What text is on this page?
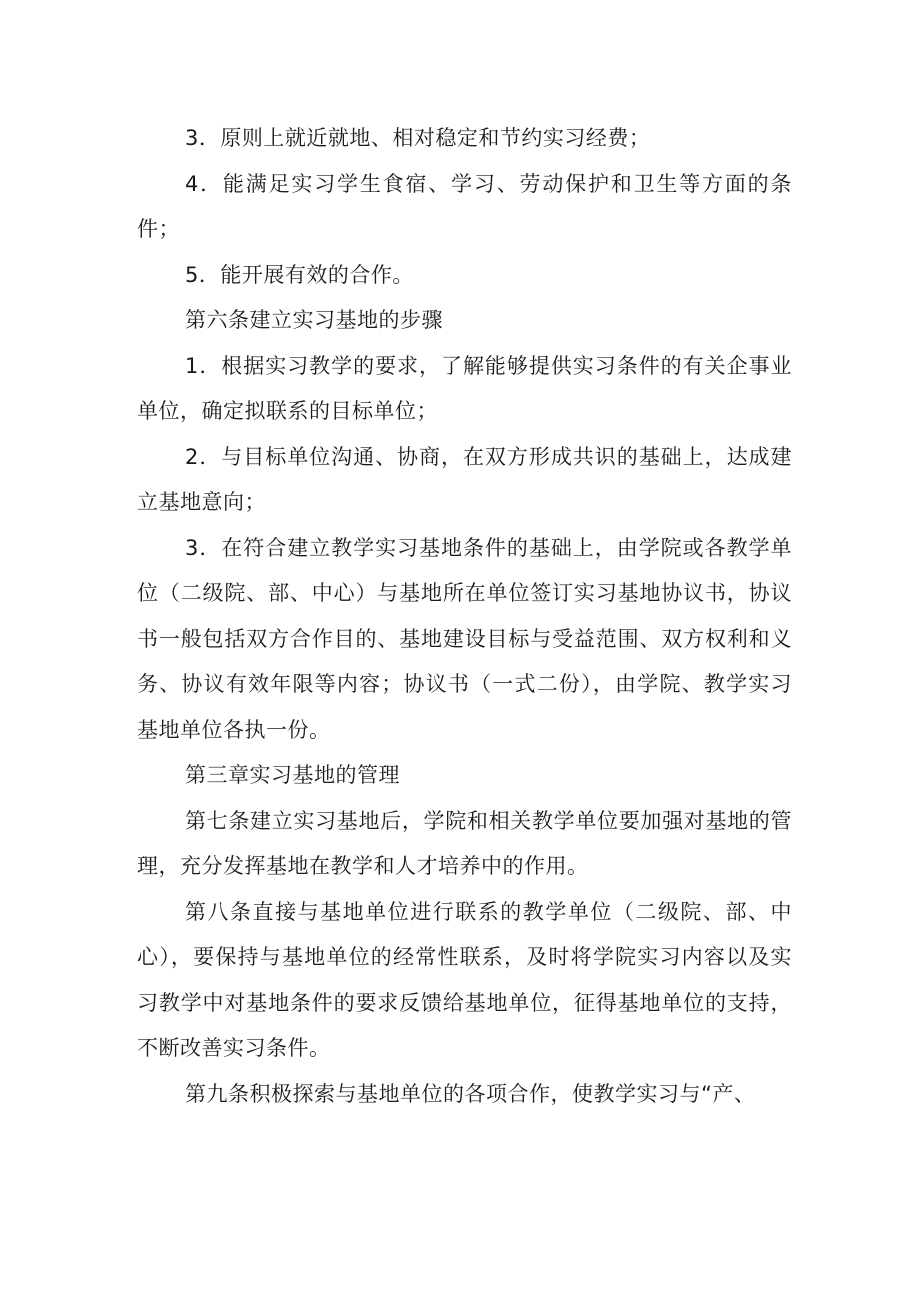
3．原则上就近就地、相对稳定和节约实习经费；

4．能满足实习学生食宿、学习、劳动保护和卫生等方面的条件；

5．能开展有效的合作。

第六条建立实习基地的步骤

1．根据实习教学的要求，了解能够提供实习条件的有关企事业单位，确定拟联系的目标单位；

2．与目标单位沟通、协商，在双方形成共识的基础上，达成建立基地意向；

3．在符合建立教学实习基地条件的基础上，由学院或各教学单位（二级院、部、中心）与基地所在单位签订实习基地协议书，协议书一般包括双方合作目的、基地建设目标与受益范围、双方权利和义务、协议有效年限等内容；协议书（一式二份），由学院、教学实习基地单位各执一份。

第三章实习基地的管理

第七条建立实习基地后，学院和相关教学单位要加强对基地的管理，充分发挥基地在教学和人才培养中的作用。

第八条直接与基地单位进行联系的教学单位（二级院、部、中心），要保持与基地单位的经常性联系，及时将学院实习内容以及实习教学中对基地条件的要求反馈给基地单位，征得基地单位的支持，不断改善实习条件。

第九条积极探索与基地单位的各项合作，使教学实习与“产、
